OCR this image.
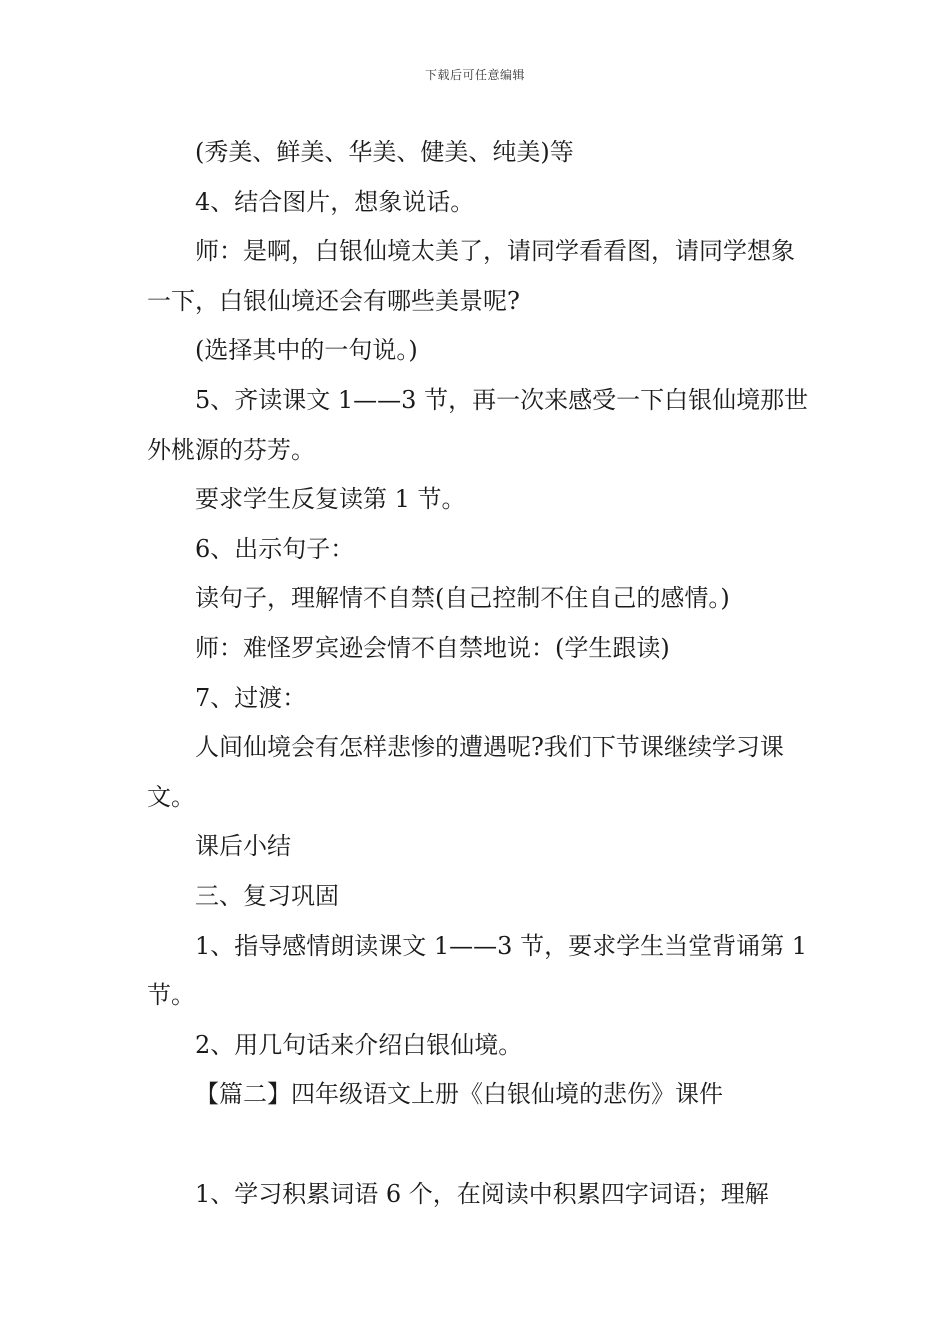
下载后可任意编辑

(秀美、鲜美、华美、健美、纯美)等

4、结合图片，想象说话。

师：是啊，白银仙境太美了，请同学看看图，请同学想象一下，白银仙境还会有哪些美景呢?

(选择其中的一句说。)

5、齐读课文 1——3 节，再一次来感受一下白银仙境那世外桃源的芬芳。

要求学生反复读第 1 节。

6、出示句子：

读句子，理解情不自禁(自己控制不住自己的感情。)

师：难怪罗宾逊会情不自禁地说：(学生跟读)

7、过渡：

人间仙境会有怎样悲惨的遭遇呢?我们下节课继续学习课文。

课后小结

三、复习巩固

1、指导感情朗读课文 1——3 节，要求学生当堂背诵第 1 节。

2、用几句话来介绍白银仙境。

【篇二】四年级语文上册《白银仙境的悲伤》课件

1、学习积累词语 6 个，在阅读中积累四字词语；理解
